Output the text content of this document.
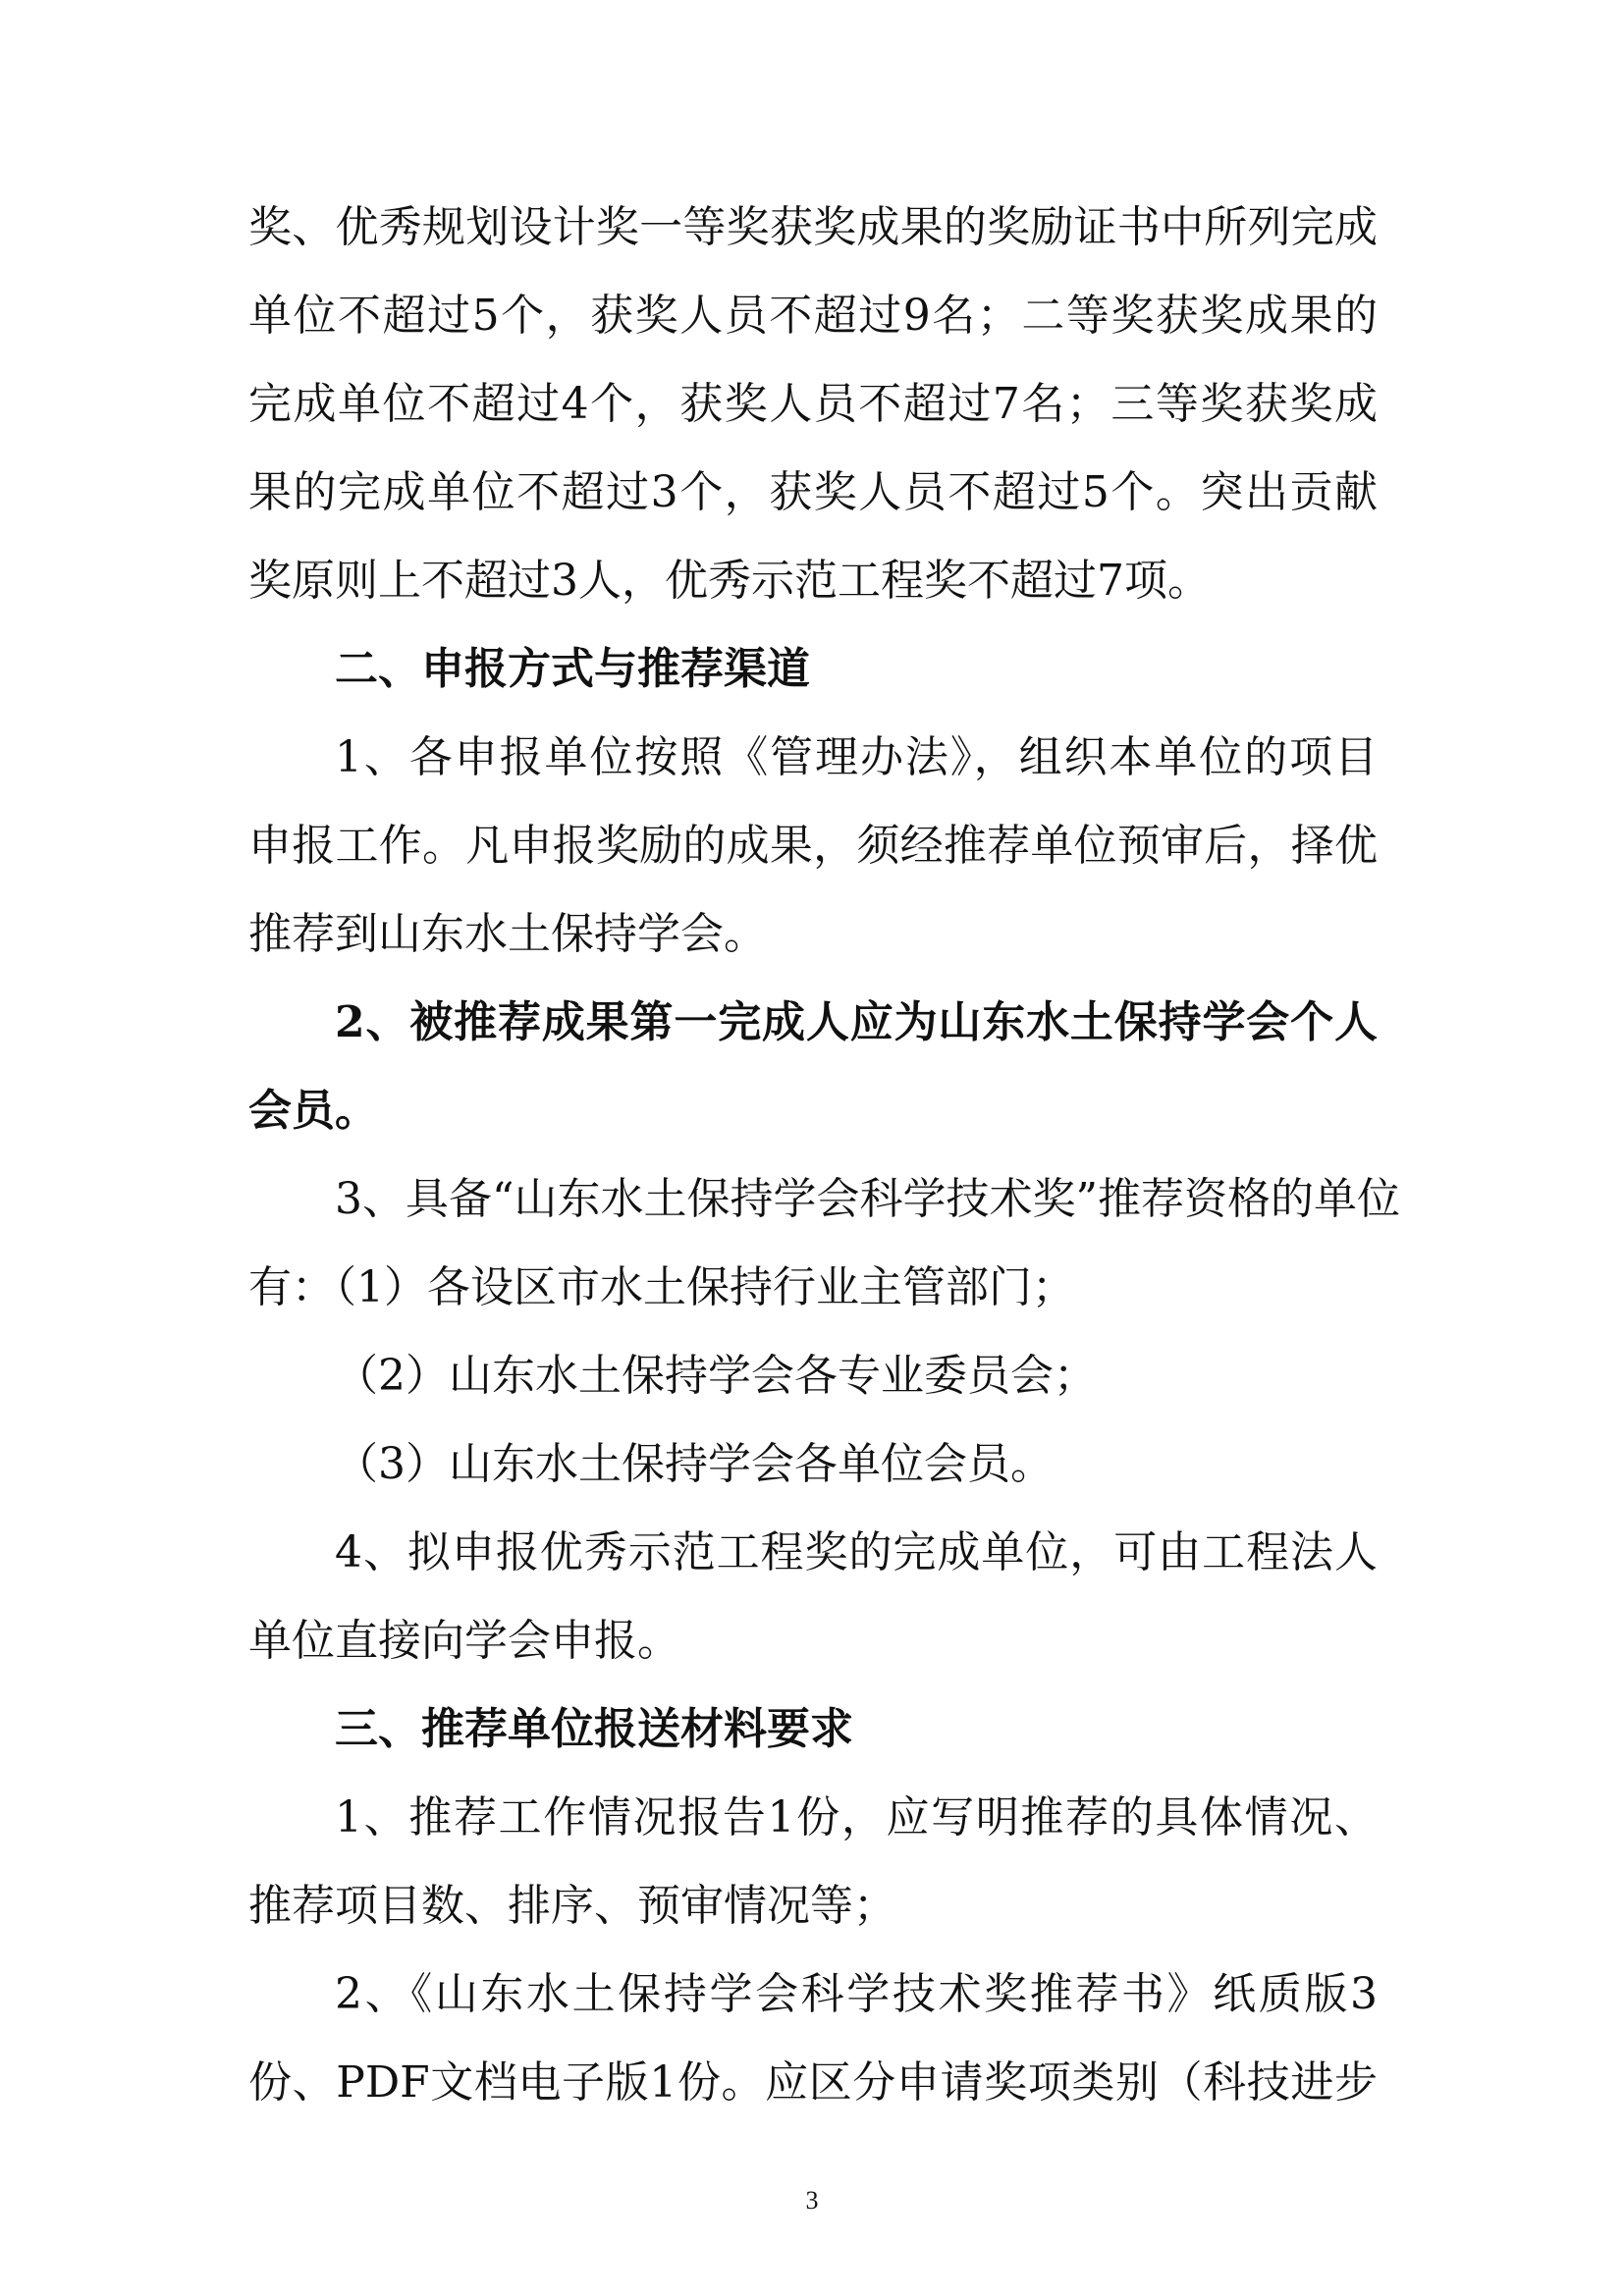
奖、优秀规划设计奖一等奖获奖成果的奖励证书中所列完成
单位不超过5个，获奖人员不超过9名；二等奖获奖成果的
完成单位不超过4个，获奖人员不超过7名；三等奖获奖成
果的完成单位不超过3个，获奖人员不超过5个。突出贡献
奖原则上不超过3人，优秀示范工程奖不超过7项。
二、申报方式与推荐渠道
1、各申报单位按照《管理办法》，组织本单位的项目
申报工作。凡申报奖励的成果，须经推荐单位预审后，择优
推荐到山东水土保持学会。
2、被推荐成果第一完成人应为山东水土保持学会个人
会员。
3、具备“山东水土保持学会科学技术奖”推荐资格的单位
有：（1）各设区市水土保持行业主管部门；
（2）山东水土保持学会各专业委员会；
（3）山东水土保持学会各单位会员。
4、拟申报优秀示范工程奖的完成单位，可由工程法人
单位直接向学会申报。
三、推荐单位报送材料要求
1、推荐工作情况报告1份，应写明推荐的具体情况、
推荐项目数、排序、预审情况等；
2、《山东水土保持学会科学技术奖推荐书》纸质版3
份、PDF文档电子版1份。应区分申请奖项类别（科技进步
3
